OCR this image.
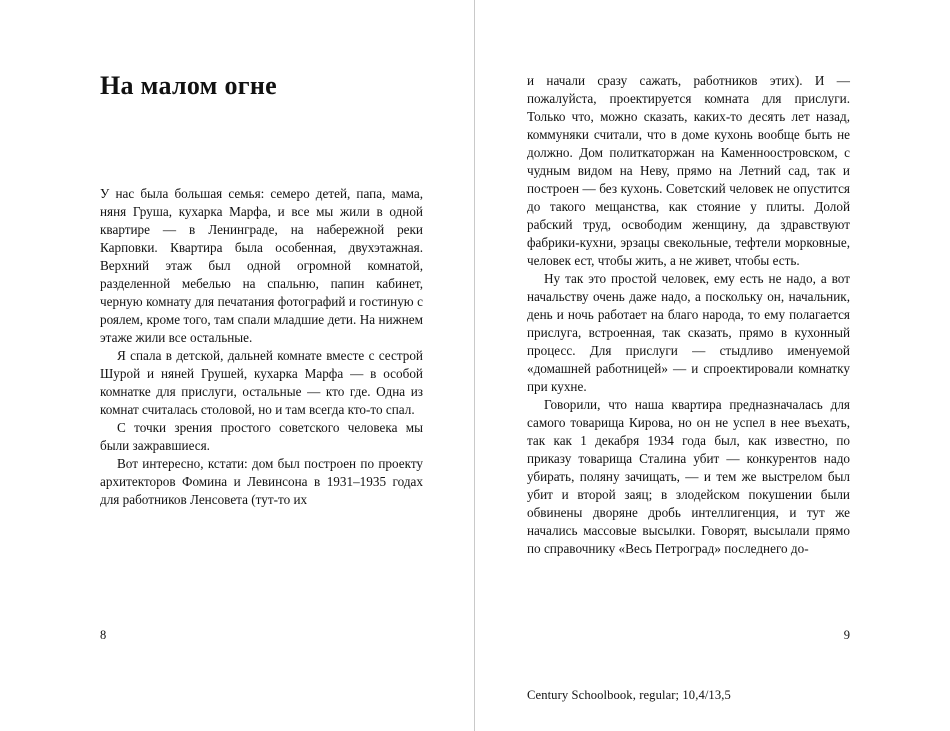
На малом огне

У нас была большая семья: семеро детей, папа, мама, няня Груша, кухарка Марфа, и все мы жили в одной квартире — в Ленинграде, на набережной реки Карповки. Квартира была особенная, двухэтажная. Верхний этаж был одной огромной комнатой, разделенной мебелью на спальню, папин кабинет, черную комнату для печатания фотографий и гостиную с роялем, кроме того, там спали младшие дети. На нижнем этаже жили все остальные.

Я спала в детской, дальней комнате вместе с сестрой Шурой и няней Грушей, кухарка Марфа — в особой комнатке для прислуги, остальные — кто где. Одна из комнат считалась столовой, но и там всегда кто-то спал.

С точки зрения простого советского человека мы были зажравшиеся.

Вот интересно, кстати: дом был построен по проекту архитекторов Фомина и Левинсона в 1931–1935 годах для работников Ленсовета (тут-то их

8

и начали сразу сажать, работников этих). И — пожалуйста, проектируется комната для прислуги. Только что, можно сказать, каких-то десять лет назад, коммуняки считали, что в доме кухонь вообще быть не должно. Дом политкаторжан на Каменноостровском, с чудным видом на Неву, прямо на Летний сад, так и построен — без кухонь. Советский человек не опустится до такого мещанства, как стояние у плиты. Долой рабский труд, освободим женщину, да здравствуют фабрики-кухни, эрзацы свекольные, тефтели морковные, человек ест, чтобы жить, а не живет, чтобы есть.

Ну так это простой человек, ему есть не надо, а вот начальству очень даже надо, а поскольку он, начальник, день и ночь работает на благо народа, то ему полагается прислуга, встроенная, так сказать, прямо в кухонный процесс. Для прислуги — стыдливо именуемой «домашней работницей» — и спроектировали комнатку при кухне.

Говорили, что наша квартира предназначалась для самого товарища Кирова, но он не успел в нее въехать, так как 1 декабря 1934 года был, как известно, по приказу товарища Сталина убит — конкурентов надо убирать, поляну зачищать, — и тем же выстрелом был убит и второй заяц; в злодейском покушении были обвинены дворяне дробь интеллигенция, и тут же начались массовые высылки. Говорят, высылали прямо по справочнику «Весь Петроград» последнего до-

9
Century Schoolbook, regular; 10,4/13,5
